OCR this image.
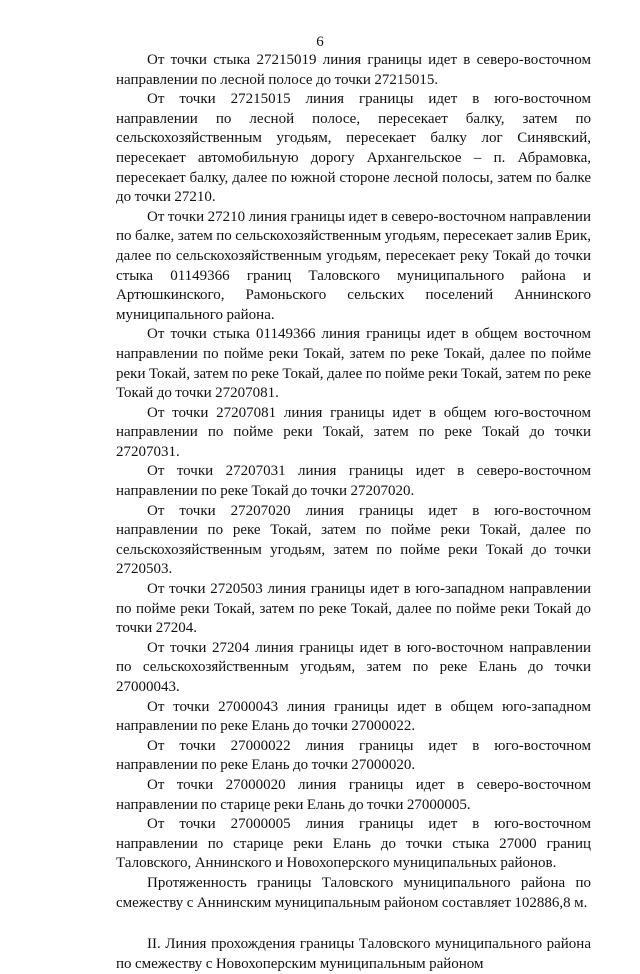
6

От точки стыка 27215019 линия границы идет в северо-восточном направлении по лесной полосе до точки 27215015.

От точки 27215015 линия границы идет в юго-восточном направлении по лесной полосе, пересекает балку, затем по сельскохозяйственным угодьям, пересекает балку лог Синявский, пересекает автомобильную дорогу Архангельское – п. Абрамовка, пересекает балку, далее по южной стороне лесной полосы, затем по балке до точки 27210.

От точки 27210 линия границы идет в северо-восточном направлении по балке, затем по сельскохозяйственным угодьям, пересекает залив Ерик, далее по сельскохозяйственным угодьям, пересекает реку Токай до точки стыка 01149366 границ Таловского муниципального района и Артюшкинского, Рамоньского сельских поселений Аннинского муниципального района.

От точки стыка 01149366 линия границы идет в общем восточном направлении по пойме реки Токай, затем по реке Токай, далее по пойме реки Токай, затем по реке Токай, далее по пойме реки Токай, затем по реке Токай до точки 27207081.

От точки 27207081 линия границы идет в общем юго-восточном направлении по пойме реки Токай, затем по реке Токай до точки 27207031.

От точки 27207031 линия границы идет в северо-восточном направлении по реке Токай до точки 27207020.

От точки 27207020 линия границы идет в юго-восточном направлении по реке Токай, затем по пойме реки Токай, далее по сельскохозяйственным угодьям, затем по пойме реки Токай до точки 2720503.

От точки 2720503 линия границы идет в юго-западном направлении по пойме реки Токай, затем по реке Токай, далее по пойме реки Токай до точки 27204.

От точки 27204 линия границы идет в юго-восточном направлении по сельскохозяйственным угодьям, затем по реке Елань до точки 27000043.

От точки 27000043 линия границы идет в общем юго-западном направлении по реке Елань до точки 27000022.

От точки 27000022 линия границы идет в юго-восточном направлении по реке Елань до точки 27000020.

От точки 27000020 линия границы идет в северо-восточном направлении по старице реки Елань до точки 27000005.

От точки 27000005 линия границы идет в юго-восточном направлении по старице реки Елань до точки стыка 27000 границ Таловского, Аннинского и Новохоперского муниципальных районов.

Протяженность границы Таловского муниципального района по смежеству с Аннинским муниципальным районом составляет 102886,8 м.

II. Линия прохождения границы Таловского муниципального района по смежеству с Новохоперским муниципальным районом
